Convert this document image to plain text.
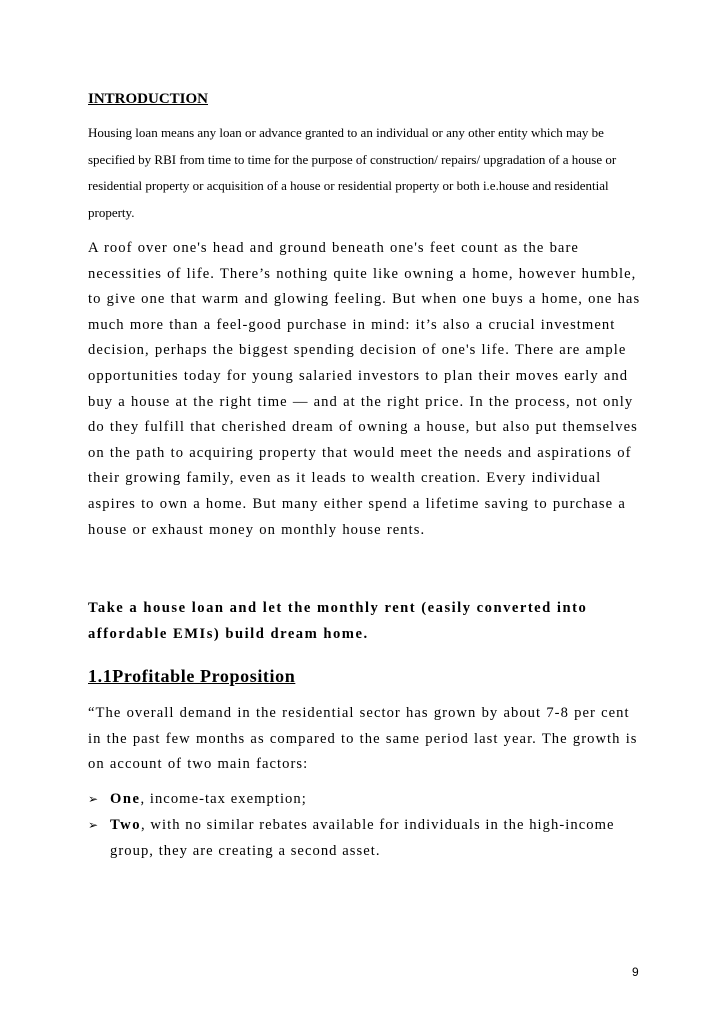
INTRODUCTION

Housing loan means any loan or advance granted to an individual or any other entity which may be specified by RBI from time to time for the purpose of construction/ repairs/ upgradation of a house or residential property or acquisition of a house or residential property or both i.e.house and residential property.

A roof over one's head and ground beneath one's feet count as the bare necessities of life. There’s nothing quite like owning a home, however humble, to give one that warm and glowing feeling. But when one buys a home, one has much more than a feel-good purchase in mind: it’s also a crucial investment decision, perhaps the biggest spending decision of one's life. There are ample opportunities today for young salaried investors to plan their moves early and buy a house at the right time — and at the right price. In the process, not only do they fulfill that cherished dream of owning a house, but also put themselves on the path to acquiring property that would meet the needs and aspirations of their growing family, even as it leads to wealth creation. Every individual aspires to own a home. But many either spend a lifetime saving to purchase a house or exhaust money on monthly house rents.

Take a house loan and let the monthly rent (easily converted into affordable EMIs) build dream home.

1.1Profitable Proposition

“The overall demand in the residential sector has grown by about 7-8 per cent in the past few months as compared to the same period last year. The growth is on account of two main factors:

➢ One, income-tax exemption;
➢ Two, with no similar rebates available for individuals in the high-income group, they are creating a second asset.
9
